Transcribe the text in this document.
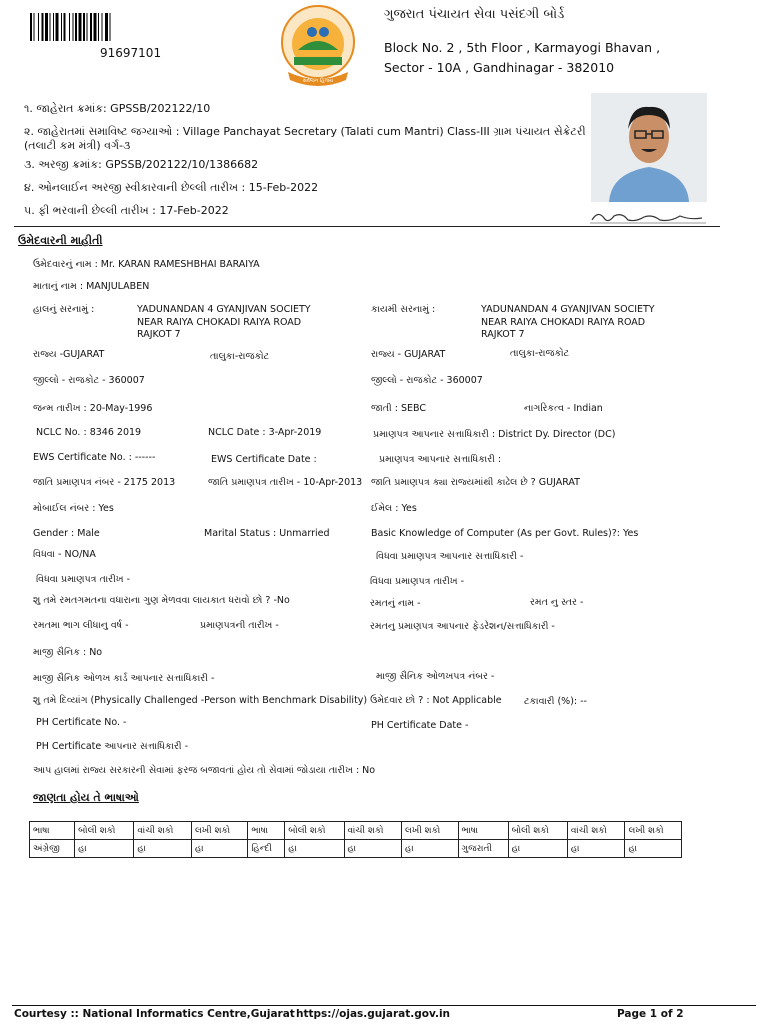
91697101
સર્વજન હિતાય
ગુજરાત પંચાયત સેવા પસંદગી બોર્ડ
Block No. 2 , 5th Floor , Karmayogi Bhavan , Sector - 10A , Gandhinagar - 382010
૧. જાહેરાત ક્રમાંક: GPSSB/202122/10
૨. જાહેરાતમાં સમાવિષ્ટ જગ્યાઓ : Village Panchayat Secretary (Talati cum Mantri) Class-III ગ્રામ પંચાયત સેક્રેટરી
(તલાટી કમ મંત્રી) વર્ગ-૩
૩. અરજી ક્રમાંક: GPSSB/202122/10/1386682
૪. ઓનલાઈન અરજી સ્વીકારવાની છેલ્લી તારીખ : 15-Feb-2022
૫. ફી ભરવાની છેલ્લી તારીખ : 17-Feb-2022
ઉમેદવારની માહીતી
ઉમેદવારનું નામ : Mr. KARAN RAMESHBHAI BARAIYA
માતાનું નામ : MANJULABEN
હાલનું સરનામું :	YADUNANDAN 4 GYANJIVAN SOCIETY
NEAR RAIYA CHOKADI RAIYA ROAD
RAJKOT 7
કાયમી સરનામું :	YADUNANDAN 4 GYANJIVAN SOCIETY
NEAR RAIYA CHOKADI RAIYA ROAD
RAJKOT 7
રાજ્ય -GUJARAT	તાલુકા-રાજકોટ	રાજ્ય - GUJARAT	તાલુકા-રાજકોટ
જીલ્લો - રાજકોટ - 360007	જીલ્લો - રાજકોટ - 360007
જન્મ તારીખ : 20-May-1996	જાતી : SEBC	નાગરિકત્વ - Indian
NCLC No. : 8346 2019	NCLC Date : 3-Apr-2019	પ્રમાણપત્ર આપનાર સત્તાધિકારી : District Dy. Director (DC)
EWS Certificate No. : ------	EWS Certificate Date :	પ્રમાણપત્ર આપનાર સત્તાધિકારી :
જાતિ પ્રમાણપત્ર નંબર - 2175 2013	જાતિ પ્રમાણપત્ર તારીખ - 10-Apr-2013 જાતિ પ્રમાણપત્ર ક્યા રાજ્યમાંથી કાઢેલ છે ? GUJARAT
મોબાઈલ નંબર : Yes	ઈમેલ : Yes
Gender : Male	Marital Status : Unmarried	Basic Knowledge of Computer (As per Govt. Rules)?: Yes
વિધવા - NO/NA	વિધવા પ્રમાણપત્ર આપનાર સત્તાધિકારી -
વિધવા પ્રમાણપત્ર તારીખ -	વિધવા પ્રમાણપત્ર તારીખ -
શુ તમે રમતગમતના વધારાના ગુણ મેળવવા લાયકાત ધરાવો છો ? -No	રમતનું નામ -	રમત નુ સ્તર -
રમતમા ભાગ લીધાનુ વર્ષ -	પ્રમાણપત્રની તારીખ -	રમતનુ પ્રમાણપત્ર આપનાર ફેડરેશન/સત્તાધિકારી -
માજી સૈનિક : No
માજી સૈનિક ઓળખ કાર્ડ આપનાર સત્તાધિકારી -	માજી સૈનિક ઓળખપત્ર નંબર -
શુ તમે દિવ્યાંગ (Physically Challenged -Person with Benchmark Disability) ઉમેદવાર છો ? : Not Applicable ટકાવારી (%): --
PH Certificate No. -	PH Certificate Date -
PH Certificate આપનાર સત્તાધિકારી -
આપ હાલમાં રાજ્ય સરકારની સેવામાં ફરજ બજાવતાં હોય તો સેવામાં જોડાયા તારીખ : No
જાણતા હોય તે ભાષાઓ
ભાષા	બોલી શકો	વાંચી શકો	લખી શકો	ભાષા	બોલી શકો	વાંચી શકો	લખી શકો	ભાષા	બોલી શકો	વાંચી શકો	લખી શકો
અંગ્રેજી	હા	હા	હા	હિન્દી	હા	હા	હા	ગુજરાતી	હા	હા	હા
Courtesy :: National Informatics Centre,Gujarat https://ojas.gujarat.gov.in	Page 1 of 2
